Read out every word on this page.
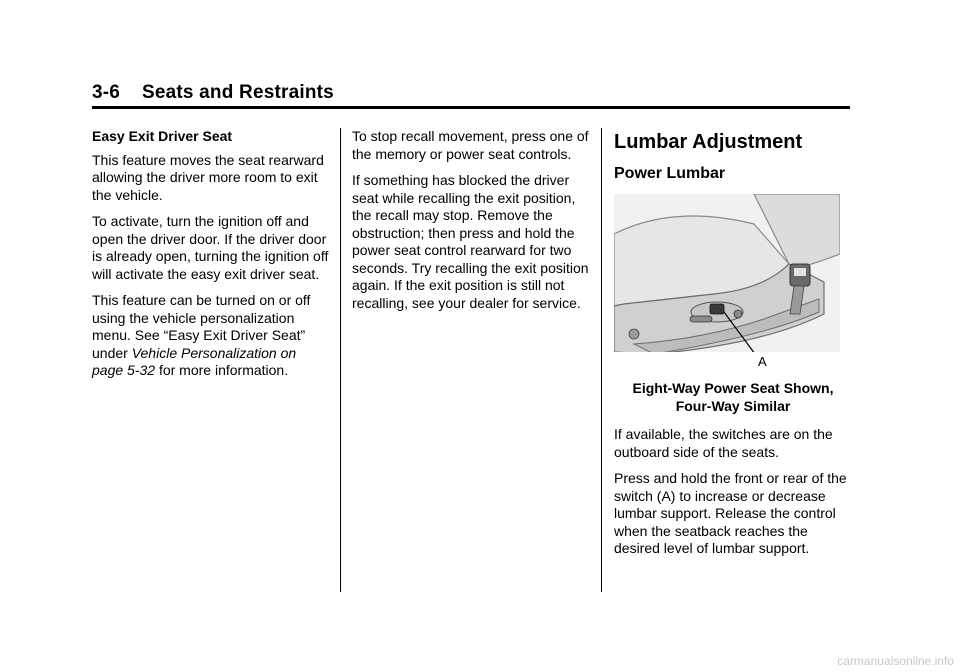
3-6 Seats and Restraints

Easy Exit Driver Seat

This feature moves the seat rearward allowing the driver more room to exit the vehicle.

To activate, turn the ignition off and open the driver door. If the driver door is already open, turning the ignition off will activate the easy exit driver seat.

This feature can be turned on or off using the vehicle personalization menu. See “Easy Exit Driver Seat” under Vehicle Personalization on page 5-32 for more information.

To stop recall movement, press one of the memory or power seat controls.

If something has blocked the driver seat while recalling the exit position, the recall may stop. Remove the obstruction; then press and hold the power seat control rearward for two seconds. Try recalling the exit position again. If the exit position is still not recalling, see your dealer for service.

Lumbar Adjustment
Power Lumbar
A

Eight-Way Power Seat Shown,
Four-Way Similar

If available, the switches are on the outboard side of the seats.

Press and hold the front or rear of the switch (A) to increase or decrease lumbar support. Release the control when the seatback reaches the desired level of lumbar support.

carmanualsonline.info
